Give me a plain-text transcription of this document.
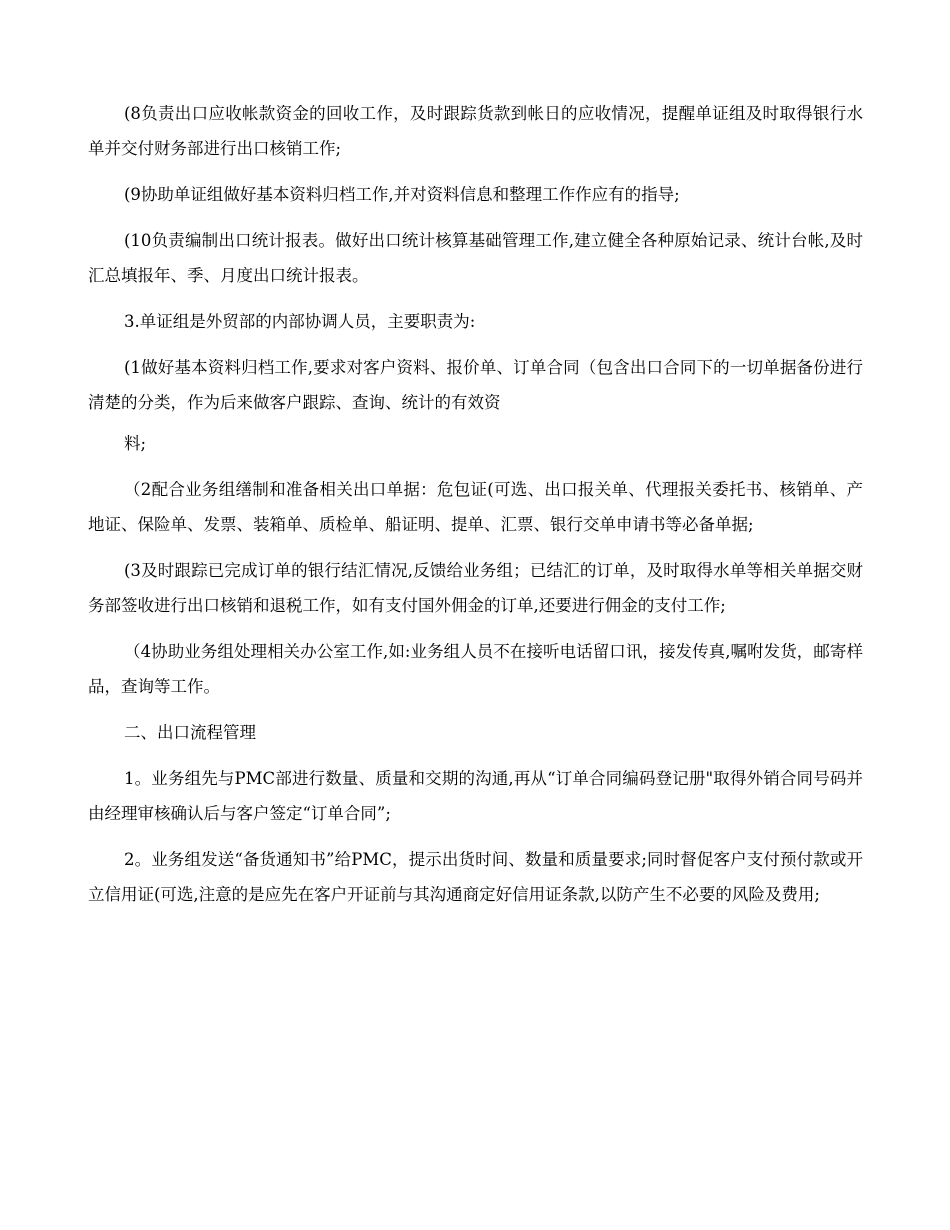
(8负责出口应收帐款资金的回收工作，及时跟踪货款到帐日的应收情况，提醒单证组及时取得银行水单并交付财务部进行出口核销工作;

(9协助单证组做好基本资料归档工作,并对资料信息和整理工作作应有的指导;

(10负责编制出口统计报表。做好出口统计核算基础管理工作,建立健全各种原始记录、统计台帐,及时汇总填报年、季、月度出口统计报表。

3.单证组是外贸部的内部协调人员，主要职责为:

(1做好基本资料归档工作,要求对客户资料、报价单、订单合同（包含出口合同下的一切单据备份进行清楚的分类，作为后来做客户跟踪、查询、统计的有效资

料;

（2配合业务组缮制和准备相关出口单据：危包证(可选、出口报关单、代理报关委托书、核销单、产地证、保险单、发票、装箱单、质检单、船证明、提单、汇票、银行交单申请书等必备单据;

(3及时跟踪已完成订单的银行结汇情况,反馈给业务组；已结汇的订单，及时取得水单等相关单据交财务部签收进行出口核销和退税工作，如有支付国外佣金的订单,还要进行佣金的支付工作;

（4协助业务组处理相关办公室工作,如:业务组人员不在接听电话留口讯，接发传真,嘱咐发货，邮寄样品，查询等工作。

二、出口流程管理

1。业务组先与PMC部进行数量、质量和交期的沟通,再从“订单合同编码登记册"取得外销合同号码并由经理审核确认后与客户签定“订单合同”;

2。业务组发送“备货通知书”给PMC，提示出货时间、数量和质量要求;同时督促客户支付预付款或开立信用证(可选,注意的是应先在客户开证前与其沟通商定好信用证条款,以防产生不必要的风险及费用;
